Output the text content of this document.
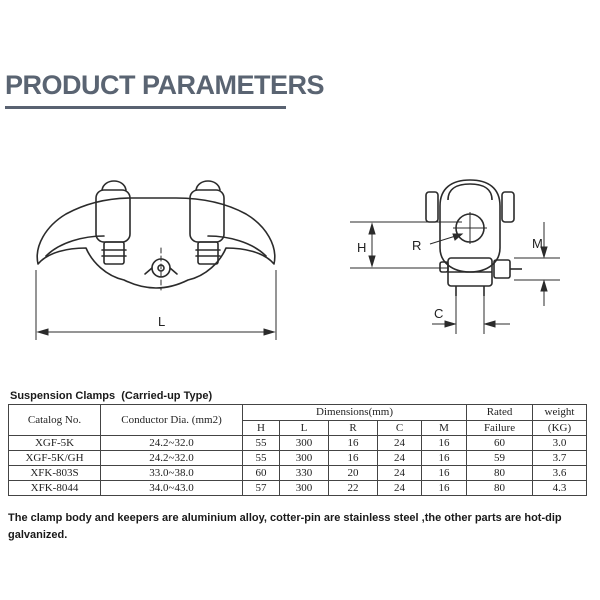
PRODUCT PARAMETERS
L
H	R	M
C
Suspension Clamps  (Carried-up Type)
Catalog No.	Conductor Dia. (mm2)	Dimensions(mm)					Rated	weight
		H	L	R	C	M	Failure	(KG)
XGF-5K	24.2~32.0	55	300	16	24	16	60	3.0
XGF-5K/GH	24.2~32.0	55	300	16	24	16	59	3.7
XFK-803S	33.0~38.0	60	330	20	24	16	80	3.6
XFK-8044	34.0~43.0	57	300	22	24	16	80	4.3
The clamp body and keepers are aluminium alloy, cotter-pin are stainless steel ,the other parts are hot-dip galvanized.
